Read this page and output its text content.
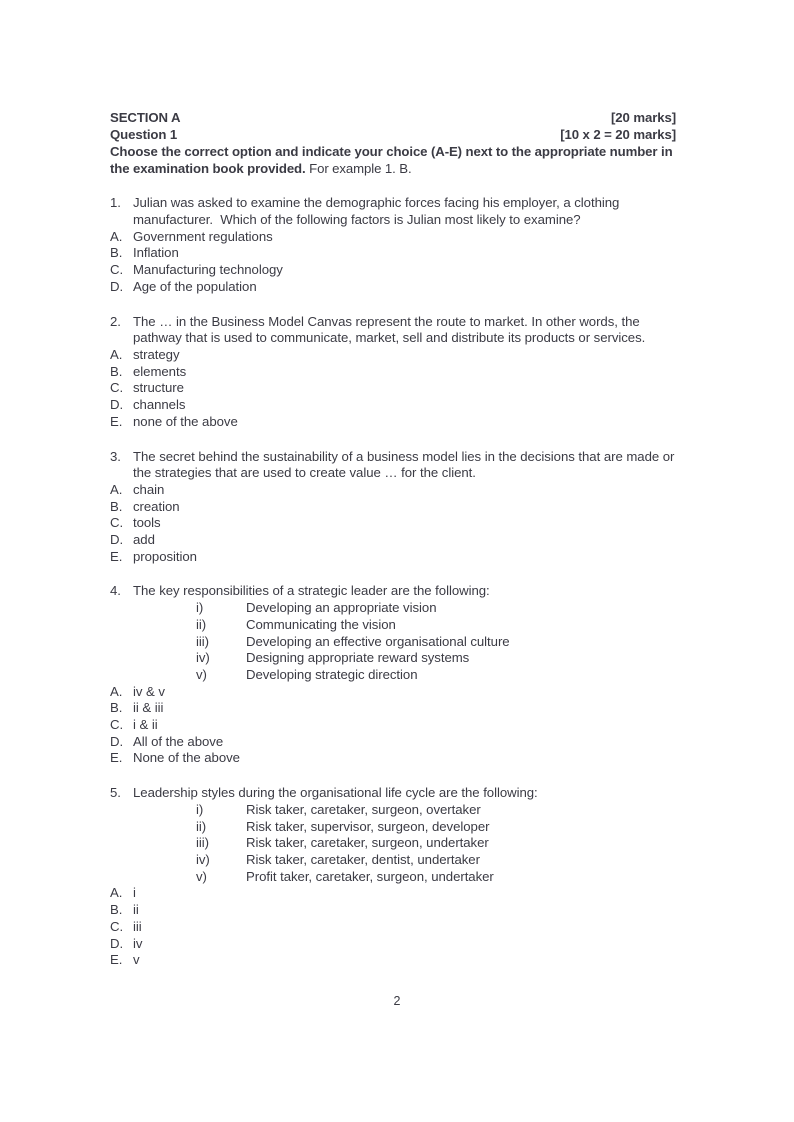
SECTION A	[20 marks]
Question 1	[10 x 2 = 20 marks]
Choose the correct option and indicate your choice (A-E) next to the appropriate number in the examination book provided. For example 1. B.
1. Julian was asked to examine the demographic forces facing his employer, a clothing manufacturer.  Which of the following factors is Julian most likely to examine?
A. Government regulations
B. Inflation
C. Manufacturing technology
D. Age of the population
2. The … in the Business Model Canvas represent the route to market. In other words, the pathway that is used to communicate, market, sell and distribute its products or services.
A. strategy
B. elements
C. structure
D. channels
E. none of the above
3. The secret behind the sustainability of a business model lies in the decisions that are made or the strategies that are used to create value … for the client.
A. chain
B. creation
C. tools
D. add
E. proposition
4. The key responsibilities of a strategic leader are the following:
i)	Developing an appropriate vision
ii)	Communicating the vision
iii)	Developing an effective organisational culture
iv)	Designing appropriate reward systems
v)	Developing strategic direction
A. iv & v
B. ii & iii
C. i & ii
D. All of the above
E. None of the above
5. Leadership styles during the organisational life cycle are the following:
i)	Risk taker, caretaker, surgeon, overtaker
ii)	Risk taker, supervisor, surgeon, developer
iii)	Risk taker, caretaker, surgeon, undertaker
iv)	Risk taker, caretaker, dentist, undertaker
v)	Profit taker, caretaker, surgeon, undertaker
A. i
B. ii
C. iii
D. iv
E. v
2
